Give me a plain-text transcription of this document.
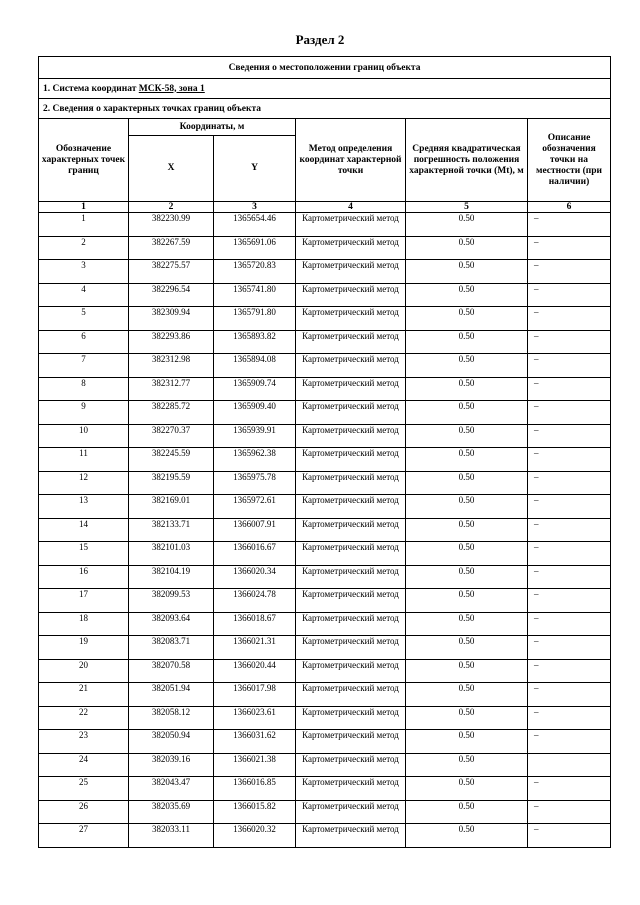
Раздел 2
Сведения о местоположении границ объекта					
1. Система координат МСК-58, зона 1					
2. Сведения о характерных точках границ объекта					
Обозначение характерных точек границ	Координаты, м		Метод определения координат характерной точки	Средняя квадратическая погрешность положения характерной точки (Mt), м	Описание обозначения точки на местности (при наличии)
	X	Y			
1	2	3	4	5	6
1	382230.99	1365654.46	Картометрический метод	0.50	–
2	382267.59	1365691.06	Картометрический метод	0.50	–
3	382275.57	1365720.83	Картометрический метод	0.50	–
4	382296.54	1365741.80	Картометрический метод	0.50	–
5	382309.94	1365791.80	Картометрический метод	0.50	–
6	382293.86	1365893.82	Картометрический метод	0.50	–
7	382312.98	1365894.08	Картометрический метод	0.50	–
8	382312.77	1365909.74	Картометрический метод	0.50	–
9	382285.72	1365909.40	Картометрический метод	0.50	–
10	382270.37	1365939.91	Картометрический метод	0.50	–
11	382245.59	1365962.38	Картометрический метод	0.50	–
12	382195.59	1365975.78	Картометрический метод	0.50	–
13	382169.01	1365972.61	Картометрический метод	0.50	–
14	382133.71	1366007.91	Картометрический метод	0.50	–
15	382101.03	1366016.67	Картометрический метод	0.50	–
16	382104.19	1366020.34	Картометрический метод	0.50	–
17	382099.53	1366024.78	Картометрический метод	0.50	–
18	382093.64	1366018.67	Картометрический метод	0.50	–
19	382083.71	1366021.31	Картометрический метод	0.50	–
20	382070.58	1366020.44	Картометрический метод	0.50	–
21	382051.94	1366017.98	Картометрический метод	0.50	–
22	382058.12	1366023.61	Картометрический метод	0.50	–
23	382050.94	1366031.62	Картометрический метод	0.50	–
24	382039.16	1366021.38	Картометрический метод	0.50	
25	382043.47	1366016.85	Картометрический метод	0.50	–
26	382035.69	1366015.82	Картометрический метод	0.50	–
27	382033.11	1366020.32	Картометрический метод	0.50	–
